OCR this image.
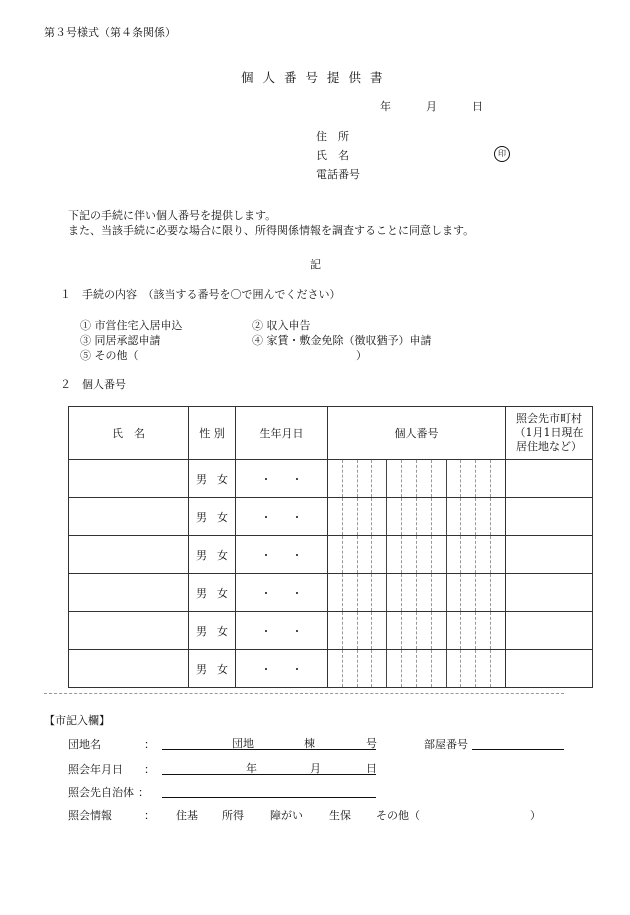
第３号様式（第４条関係）
個人番号提供書
年	月	日
住　所
氏　名	印
電話番号
下記の手続に伴い個人番号を提供します。
また、当該手続に必要な場合に限り、所得関係情報を調査することに同意します。
記
１　手続の内容　（該当する番号を〇で囲んでください）
① 市営住宅入居申込	② 収入申告
③ 同居承認申請	④ 家賃・敷金免除（徴収猶予）申請
⑤ その他（	）
２　個人番号
氏　名	性 別	生年月日	個人番号	照会先市町村
（1月1日現在
居住地など）

	男 女	・ ・	

	男 女	・ ・	

	男 女	・ ・	

	男 女	・ ・	

	男 女	・ ・	

	男 女	・ ・	

【市記入欄】
団地名	：	団地	棟	号	部屋番号
照会年月日 ：	年	月	日
照会先自治体 ：
照会情報	： 住基 所得 障がい 生保 その他（	）
